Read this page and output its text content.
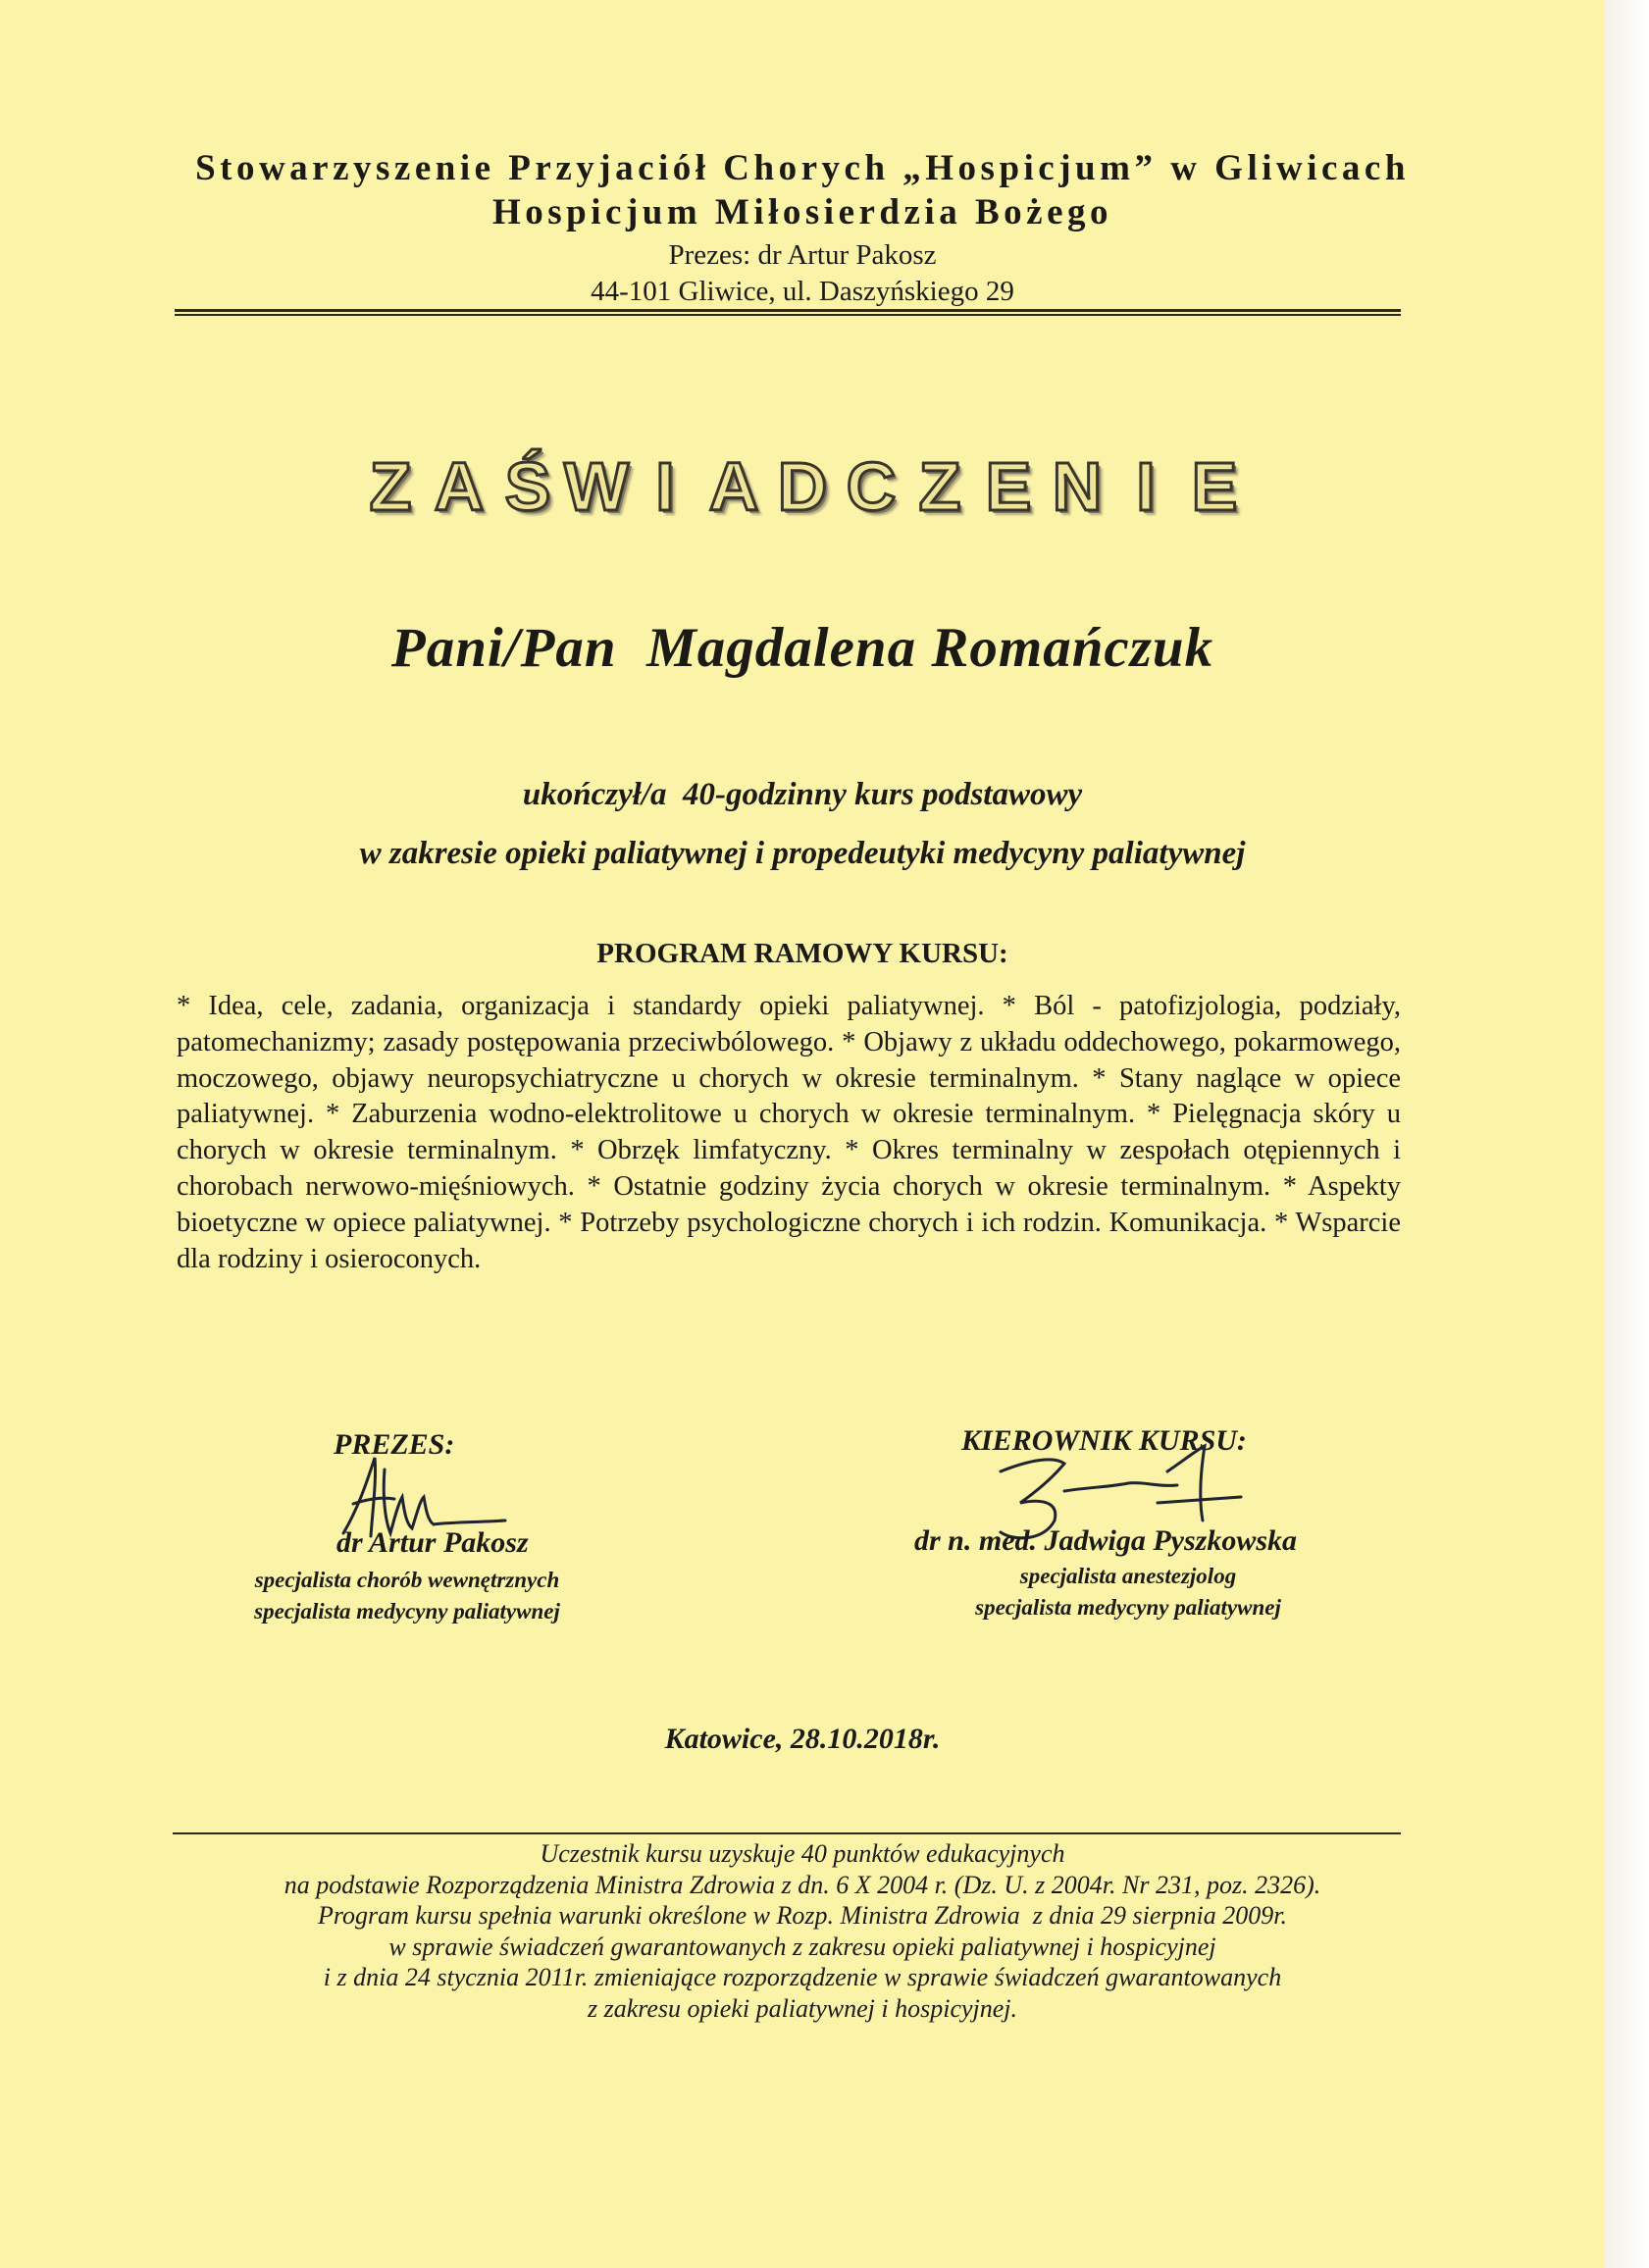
Stowarzyszenie Przyjaciół Chorych „Hospicjum” w Gliwicach
Hospicjum Miłosierdzia Bożego
Prezes: dr Artur Pakosz
44-101 Gliwice, ul. Daszyńskiego 29
Z A Ś W I A D C Z E N I E
Pani/Pan  Magdalena Romańczuk
ukończył/a  40-godzinny kurs podstawowy
w zakresie opieki paliatywnej i propedeutyki medycyny paliatywnej
PROGRAM RAMOWY KURSU:
* Idea, cele, zadania, organizacja i standardy opieki paliatywnej. * Ból - patofizjologia, podziały, patomechanizmy; zasady postępowania przeciwbólowego. * Objawy z układu oddechowego, pokarmowego, moczowego, objawy neuropsychiatryczne u chorych w okresie terminalnym. * Stany naglące w opiece paliatywnej. * Zaburzenia wodno-elektrolitowe u chorych w okresie terminalnym. * Pielęgnacja skóry u chorych w okresie terminalnym. * Obrzęk limfatyczny. * Okres terminalny w zespołach otępiennych i chorobach nerwowo-mięśniowych. * Ostatnie godziny życia chorych w okresie terminalnym. * Aspekty bioetyczne w opiece paliatywnej. * Potrzeby psychologiczne chorych i ich rodzin. Komunikacja. * Wsparcie dla rodziny i osieroconych.
PREZES:
dr Artur Pakosz
specjalista chorób wewnętrznych
specjalista medycyny paliatywnej
KIEROWNIK KURSU:
dr n. med. Jadwiga Pyszkowska
specjalista anestezjolog
specjalista medycyny paliatywnej
Katowice, 28.10.2018r.
Uczestnik kursu uzyskuje 40 punktów edukacyjnych
na podstawie Rozporządzenia Ministra Zdrowia z dn. 6 X 2004 r. (Dz. U. z 2004r. Nr 231, poz. 2326).
Program kursu spełnia warunki określone w Rozp. Ministra Zdrowia  z dnia 29 sierpnia 2009r.
w sprawie świadczeń gwarantowanych z zakresu opieki paliatywnej i hospicyjnej
i z dnia 24 stycznia 2011r. zmieniające rozporządzenie w sprawie świadczeń gwarantowanych
z zakresu opieki paliatywnej i hospicyjnej.
